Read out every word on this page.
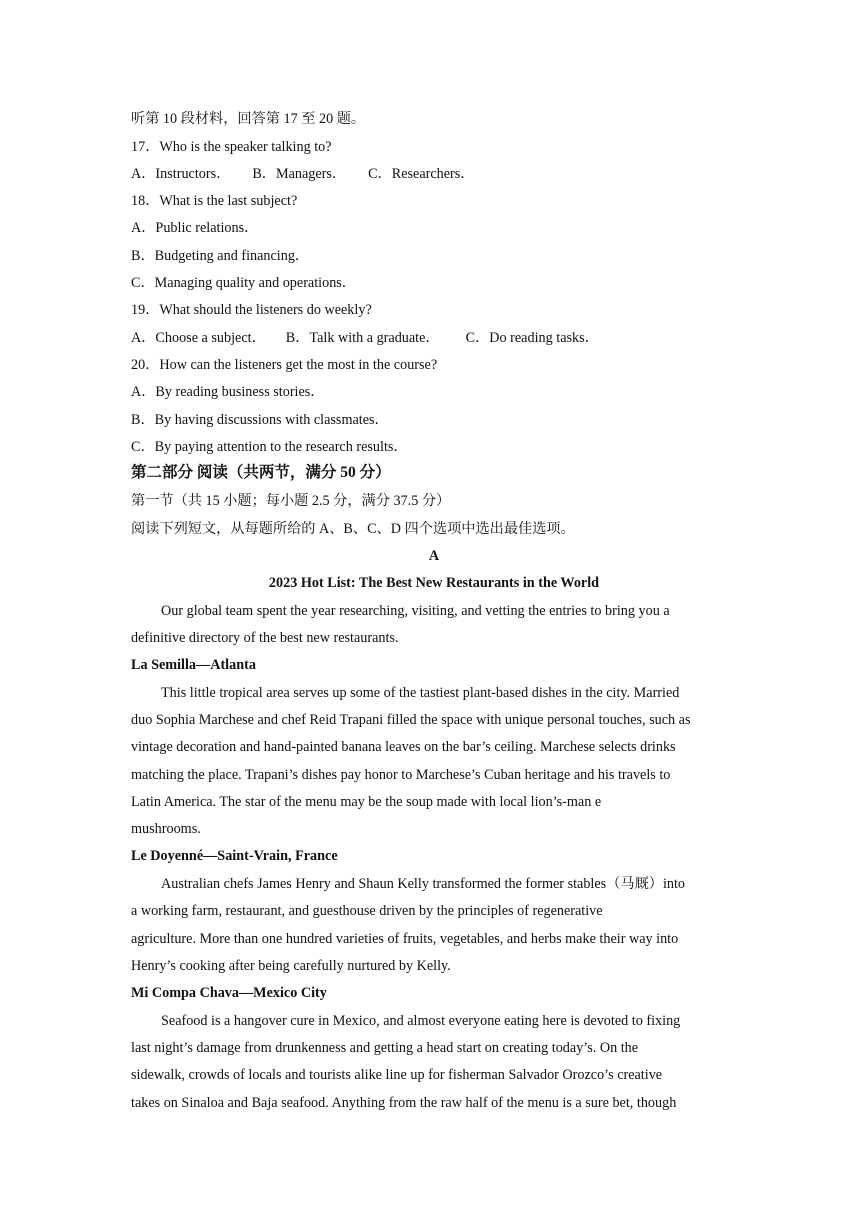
听第 10 段材料，回答第 17 至 20 题。
17．Who is the speaker talking to?
A．Instructors． B．Managers． C．Researchers．
18．What is the last subject?
A．Public relations．
B．Budgeting and financing．
C．Managing quality and operations．
19．What should the listeners do weekly?
A．Choose a subject． B．Talk with a graduate． C．Do reading tasks．
20．How can the listeners get the most in the course?
A．By reading business stories．
B．By having discussions with classmates．
C．By paying attention to the research results．
第二部分 阅读（共两节，满分 50 分）
第一节（共 15 小题；每小题 2.5 分，满分 37.5 分）
阅读下列短文，从每题所给的 A、B、C、D 四个选项中选出最佳选项。
A
2023 Hot List: The Best New Restaurants in the World
Our global team spent the year researching, visiting, and vetting the entries to bring you a
definitive directory of the best new restaurants.
La Semilla—Atlanta
This little tropical area serves up some of the tastiest plant-based dishes in the city. Married
duo Sophia Marchese and chef Reid Trapani filled the space with unique personal touches, such as
vintage decoration and hand-painted banana leaves on the bar’s ceiling. Marchese selects drinks
matching the place. Trapani’s dishes pay honor to Marchese’s Cuban heritage and his travels to
Latin America. The star of the menu may be the soup made with local lion’s-man e
mushrooms.
Le Doyenné—Saint-Vrain, France
Australian chefs James Henry and Shaun Kelly transformed the former stables（马厩）into
a working farm, restaurant, and guesthouse driven by the principles of regenerative
agriculture. More than one hundred varieties of fruits, vegetables, and herbs make their way into
Henry’s cooking after being carefully nurtured by Kelly.
Mi Compa Chava—Mexico City
Seafood is a hangover cure in Mexico, and almost everyone eating here is devoted to fixing
last night’s damage from drunkenness and getting a head start on creating today’s. On the
sidewalk, crowds of locals and tourists alike line up for fisherman Salvador Orozco’s creative
takes on Sinaloa and Baja seafood. Anything from the raw half of the menu is a sure bet, though
